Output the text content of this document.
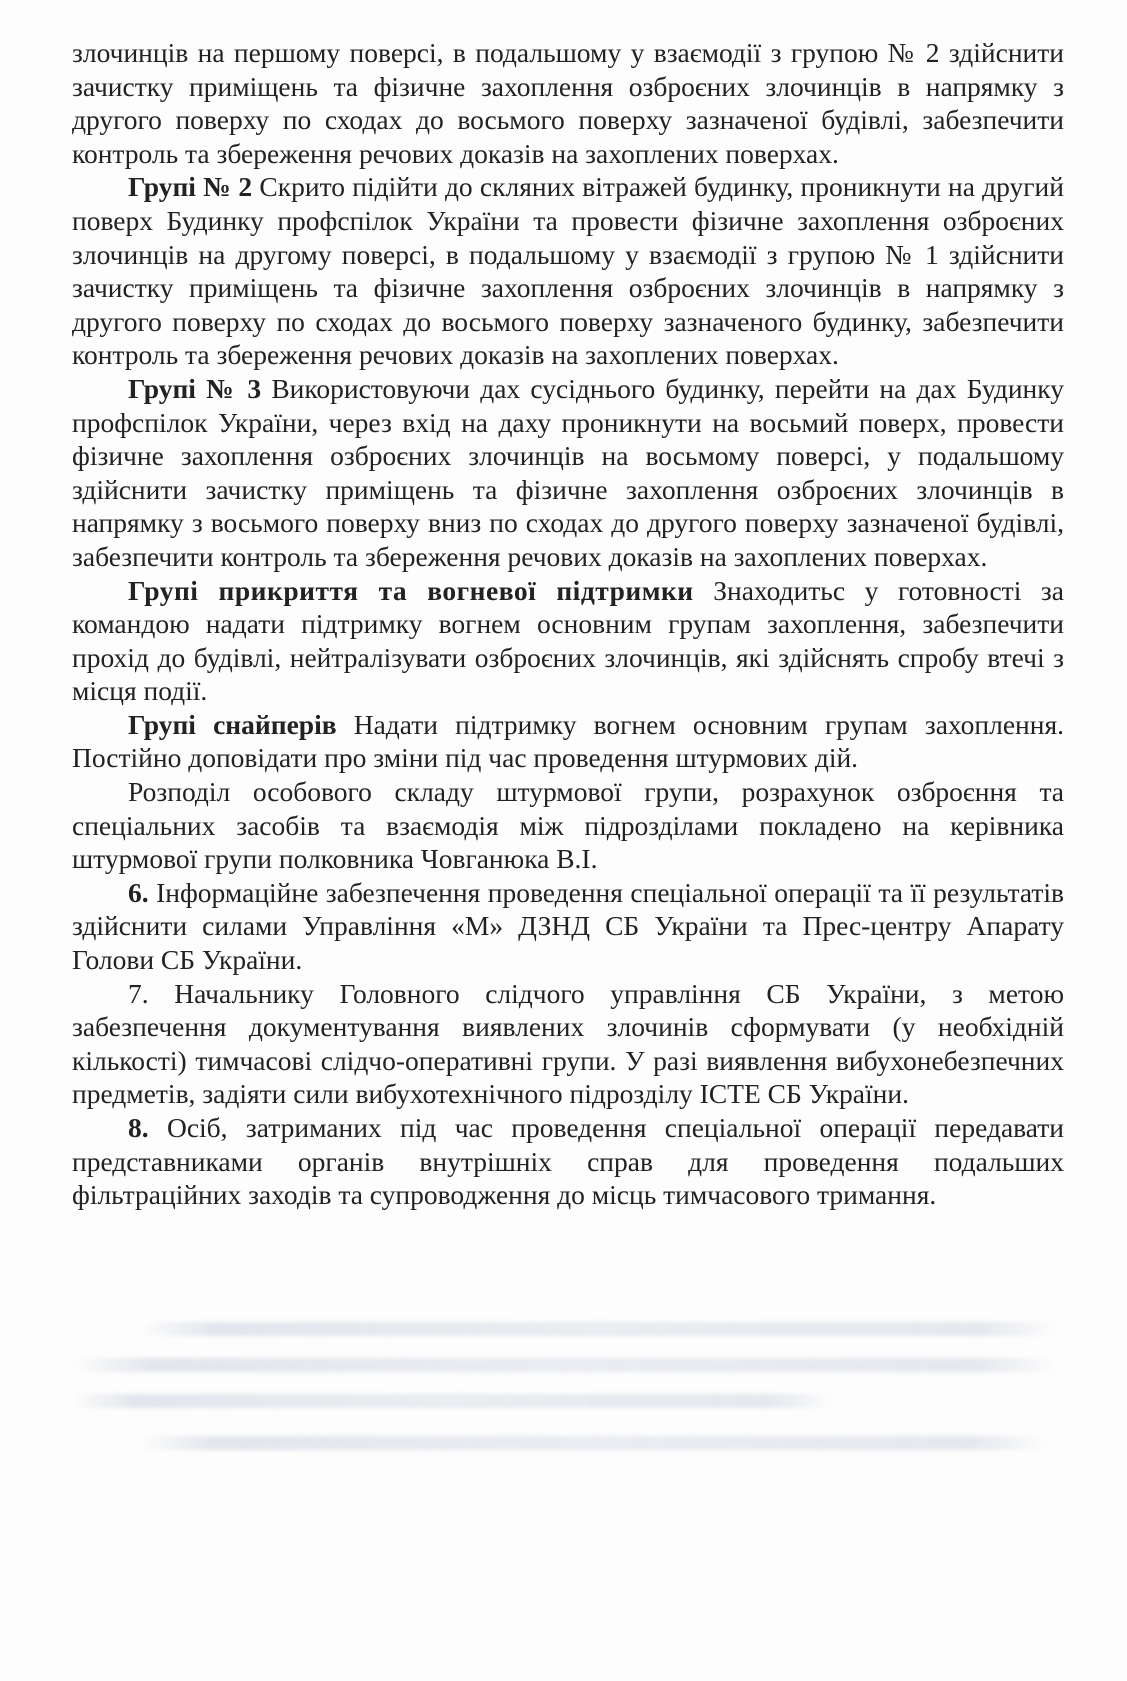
злочинців на першому поверсі, в подальшому у взаємодії з групою № 2 здійснити зачистку приміщень та фізичне захоплення озброєних злочинців в напрямку з другого поверху по сходах до восьмого поверху зазначеної будівлі, забезпечити контроль та збереження речових доказів на захоплених поверхах.

Групі № 2 Скрито підійти до скляних вітражей будинку, проникнути на другий поверх Будинку профспілок України та провести фізичне захоплення озброєних злочинців на другому поверсі, в подальшому у взаємодії з групою № 1 здійснити зачистку приміщень та фізичне захоплення озброєних злочинців в напрямку з другого поверху по сходах до восьмого поверху зазначеного будинку, забезпечити контроль та збереження речових доказів на захоплених поверхах.

Групі № 3 Використовуючи дах сусіднього будинку, перейти на дах Будинку профспілок України, через вхід на даху проникнути на восьмий поверх, провести фізичне захоплення озброєних злочинців на восьмому поверсі, у подальшому здійснити зачистку приміщень та фізичне захоплення озброєних злочинців в напрямку з восьмого поверху вниз по сходах до другого поверху зазначеної будівлі, забезпечити контроль та збереження речових доказів на захоплених поверхах.

Групі прикриття та вогневої підтримки Знаходитьс у готовності за командою надати підтримку вогнем основним групам захоплення, забезпечити прохід до будівлі, нейтралізувати озброєних злочинців, які здійснять спробу втечі з місця події.

Групі снайперів Надати підтримку вогнем основним групам захоплення. Постійно доповідати про зміни під час проведення штурмових дій.

Розподіл особового складу штурмової групи, розрахунок озброєння та спеціальних засобів та взаємодія між підрозділами покладено на керівника штурмової групи полковника Човганюка В.І.

6. Інформаційне забезпечення проведення спеціальної операції та її результатів здійснити силами Управління «М» ДЗНД СБ України та Прес-центру Апарату Голови СБ України.

7. Начальнику Головного слідчого управління СБ України, з метою забезпечення документування виявлених злочинів сформувати (у необхідній кількості) тимчасові слідчо-оперативні групи. У разі виявлення вибухонебезпечних предметів, задіяти сили вибухотехнічного підрозділу ІСТЕ СБ України.

8. Осіб, затриманих під час проведення спеціальної операції передавати представниками органів внутрішніх справ для проведення подальших фільтраційних заходів та супроводження до місць тимчасового тримання.
